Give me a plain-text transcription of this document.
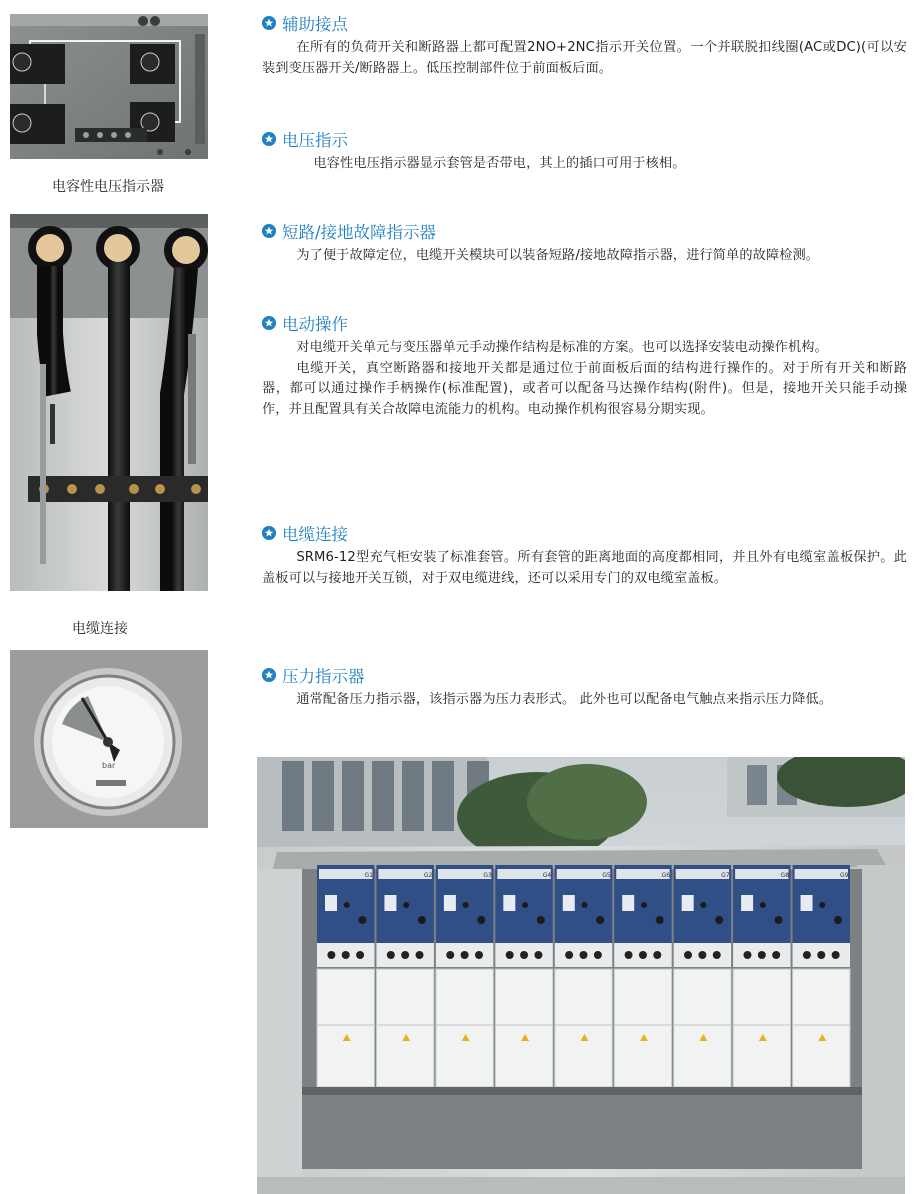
电容性电压指示器
电缆连接
bar
辅助接点

在所有的负荷开关和断路器上都可配置2NO+2NC指示开关位置。一个并联脱扣线圈(AC或DC)(可以安装到变压器开关/断路器上。低压控制部件位于前面板后面。

电压指示

电容性电压指示器显示套管是否带电，其上的插口可用于核相。

短路/接地故障指示器

为了便于故障定位，电缆开关模块可以装备短路/接地故障指示器，进行简单的故障检测。

电动操作

对电缆开关单元与变压器单元手动操作结构是标准的方案。也可以选择安装电动操作机构。

电缆开关，真空断路器和接地开关都是通过位于前面板后面的结构进行操作的。对于所有开关和断路器，都可以通过操作手柄操作(标准配置)，或者可以配备马达操作结构(附件)。但是，接地开关只能手动操作，并且配置具有关合故障电流能力的机构。电动操作机构很容易分期实现。

电缆连接

SRM6-12型充气柜安装了标准套管。所有套管的距离地面的高度都相同，并且外有电缆室盖板保护。此盖板可以与接地开关互锁，对于双电缆进线，还可以采用专门的双电缆室盖板。

压力指示器

通常配备压力指示器，该指示器为压力表形式。 此外也可以配备电气触点来指示压力降低。

G1	G2	G3	G4	G5	G6	G7	G8	G9
